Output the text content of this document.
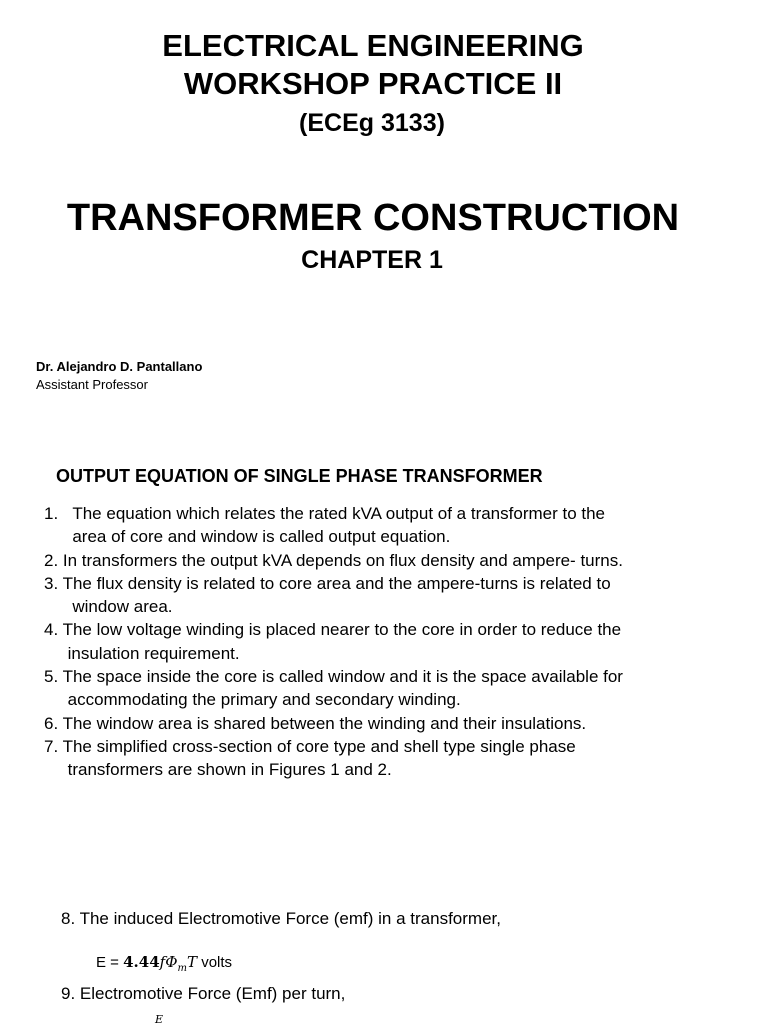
ELECTRICAL ENGINEERING
WORKSHOP PRACTICE II

(ECEg 3133)

TRANSFORMER CONSTRUCTION

CHAPTER 1

Dr. Alejandro D. Pantallano

Assistant Professor

OUTPUT EQUATION OF SINGLE PHASE TRANSFORMER
1.   The equation which relates the rated kVA output of a transformer to the
area of core and window is called output equation.
2. In transformers the output kVA depends on flux density and ampere- turns.
3. The flux density is related to core area and the ampere-turns is related to
window area.
4. The low voltage winding is placed nearer to the core in order to reduce the
insulation requirement.
5. The space inside the core is called window and it is the space available for
accommodating the primary and secondary winding.
6. The window area is shared between the winding and their insulations.
7. The simplified cross-section of core type and shell type single phase
transformers are shown in Figures 1 and 2.

8. The induced Electromotive Force (emf) in a transformer,

$E = 4.44f\Phi_mT$ volts

9. Electromotive Force (Emf) per turn,

E
